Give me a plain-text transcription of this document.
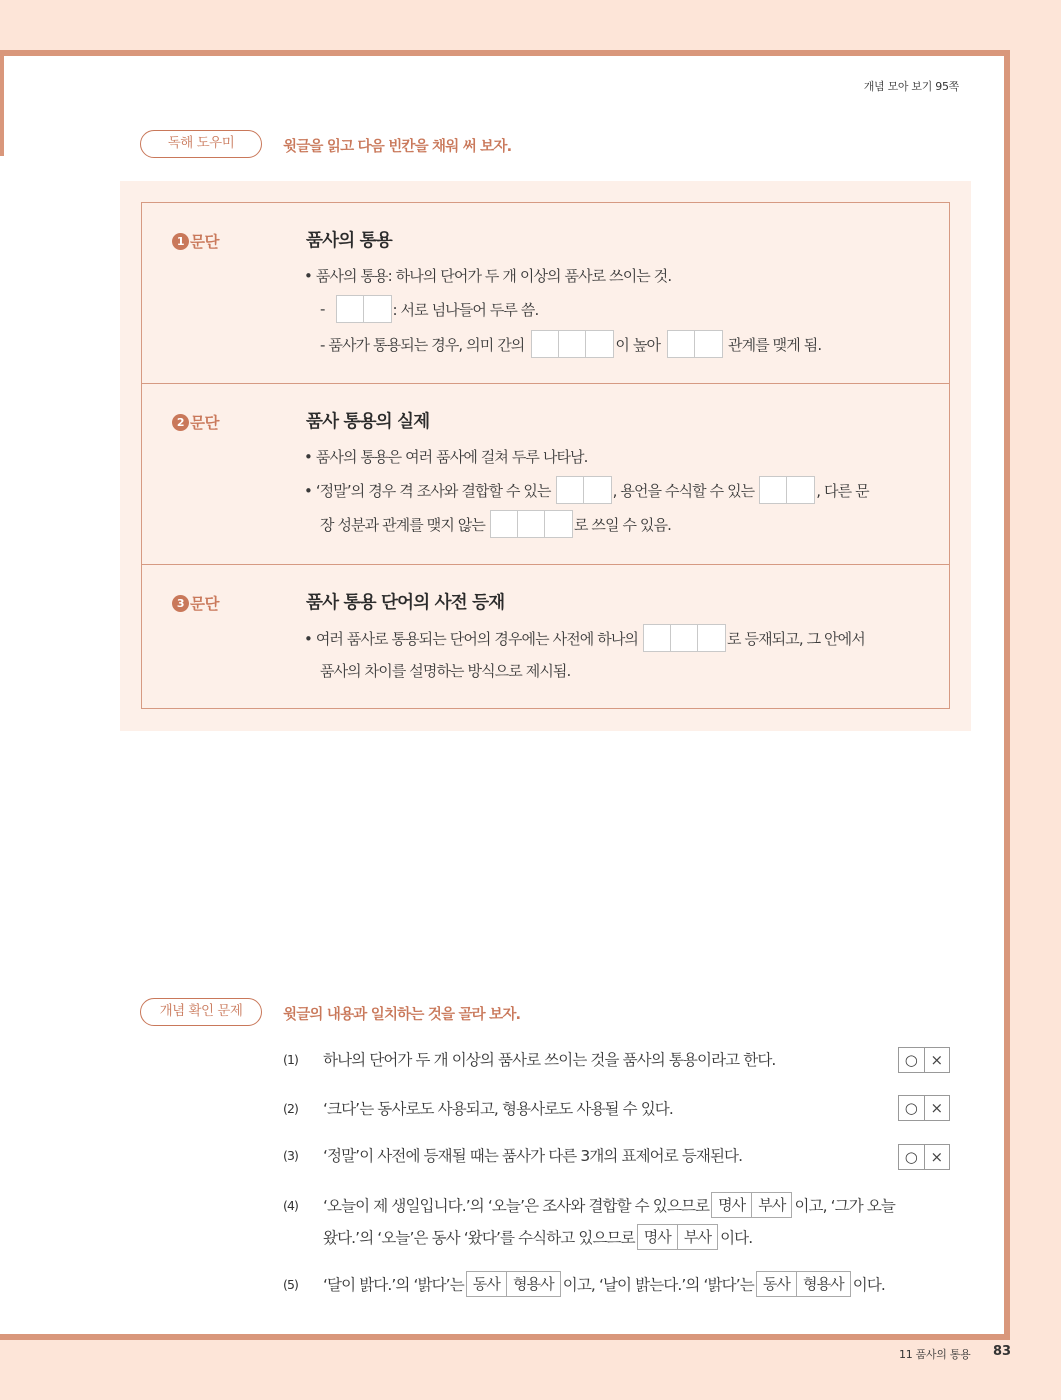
개념 모아 보기 95쪽
독해 도우미	윗글을 읽고 다음 빈칸을 채워 써 보자.
1 문단	품사의 통용
• 품사의 통용: 하나의 단어가 두 개 이상의 품사로 쓰이는 것.
-	: 서로 넘나들어 두루 씀.
- 품사가 통용되는 경우, 의미 간의	이 높아	관계를 맺게 됨.
2 문단	품사 통용의 실제
• 품사의 통용은 여러 품사에 걸쳐 두루 나타남.
• ‘정말’의 경우 격 조사와 결합할 수 있는	, 용언을 수식할 수 있는	, 다른 문
장 성분과 관계를 맺지 않는	로 쓰일 수 있음.
3 문단	품사 통용 단어의 사전 등재
• 여러 품사로 통용되는 단어의 경우에는 사전에 하나의	로 등재되고, 그 안에서
품사의 차이를 설명하는 방식으로 제시됨.
개념 확인 문제	윗글의 내용과 일치하는 것을 골라 보자.
(1)	하나의 단어가 두 개 이상의 품사로 쓰이는 것을 품사의 통용이라고 한다.	○ ×
(2)	‘크다’는 동사로도 사용되고, 형용사로도 사용될 수 있다.	○ ×
(3)	‘정말’이 사전에 등재될 때는 품사가 다른 3개의 표제어로 등재된다.	○ ×
(4)	‘오늘이 제 생일입니다.’의 ‘오늘’은 조사와 결합할 수 있으므로 명사 부사 이고, ‘그가 오늘
왔다.’의 ‘오늘’은 동사 ‘왔다’를 수식하고 있으므로 명사 부사 이다.
(5)	‘달이 밝다.’의 ‘밝다’는 동사 형용사 이고, ‘날이 밝는다.’의 ‘밝다’는 동사 형용사 이다.
11 품사의 통용 83
